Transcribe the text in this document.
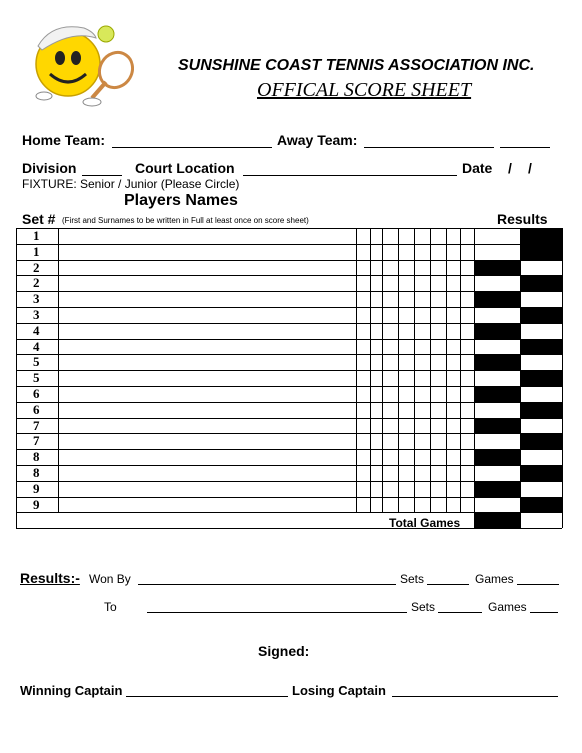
SUNSHINE COAST TENNIS ASSOCIATION INC.
OFFICAL SCORE SHEET
Home Team:	Away Team:
Division	Court Location	Date / /
FIXTURE: Senior / Junior (Please Circle)
Players Names
Set # (First and Surnames to be written in Full at least once on score sheet)	Results
1
1
2
2
3
3
4
4
5
5
6
6
7
7
8
8
9
9
Total Games
Results:- Won By	Sets	Games
To	Sets	Games
Signed:
Winning Captain	Losing Captain
